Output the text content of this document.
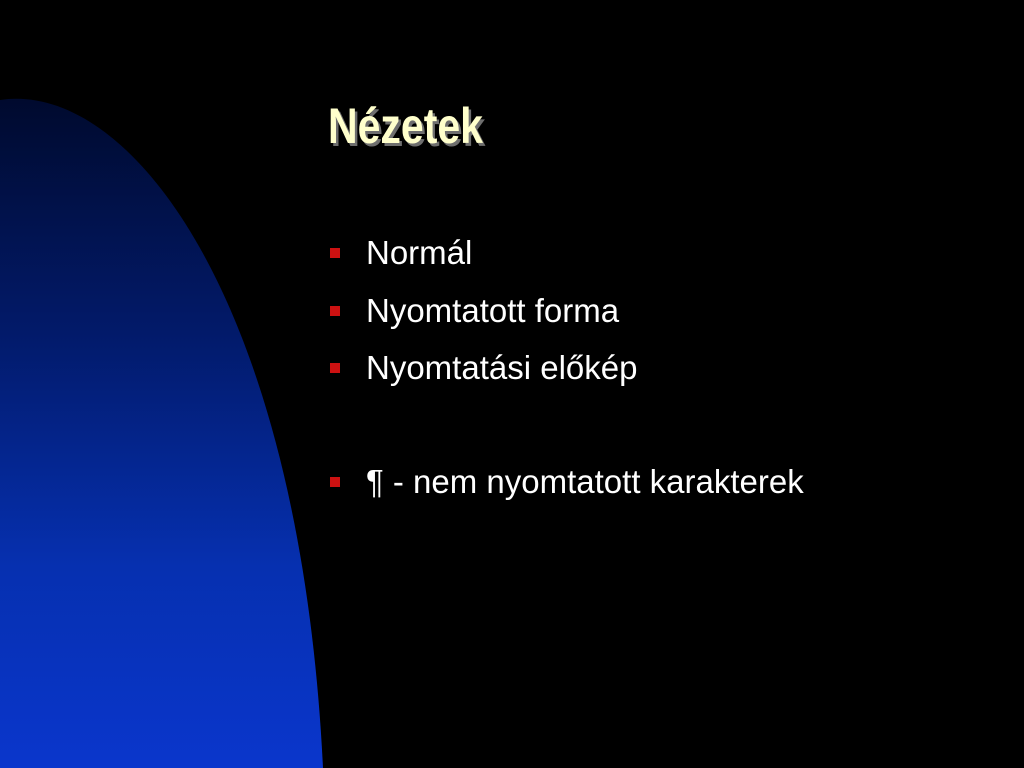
Nézetek
Normál
Nyomtatott forma
Nyomtatási előkép
¶ - nem nyomtatott karakterek
